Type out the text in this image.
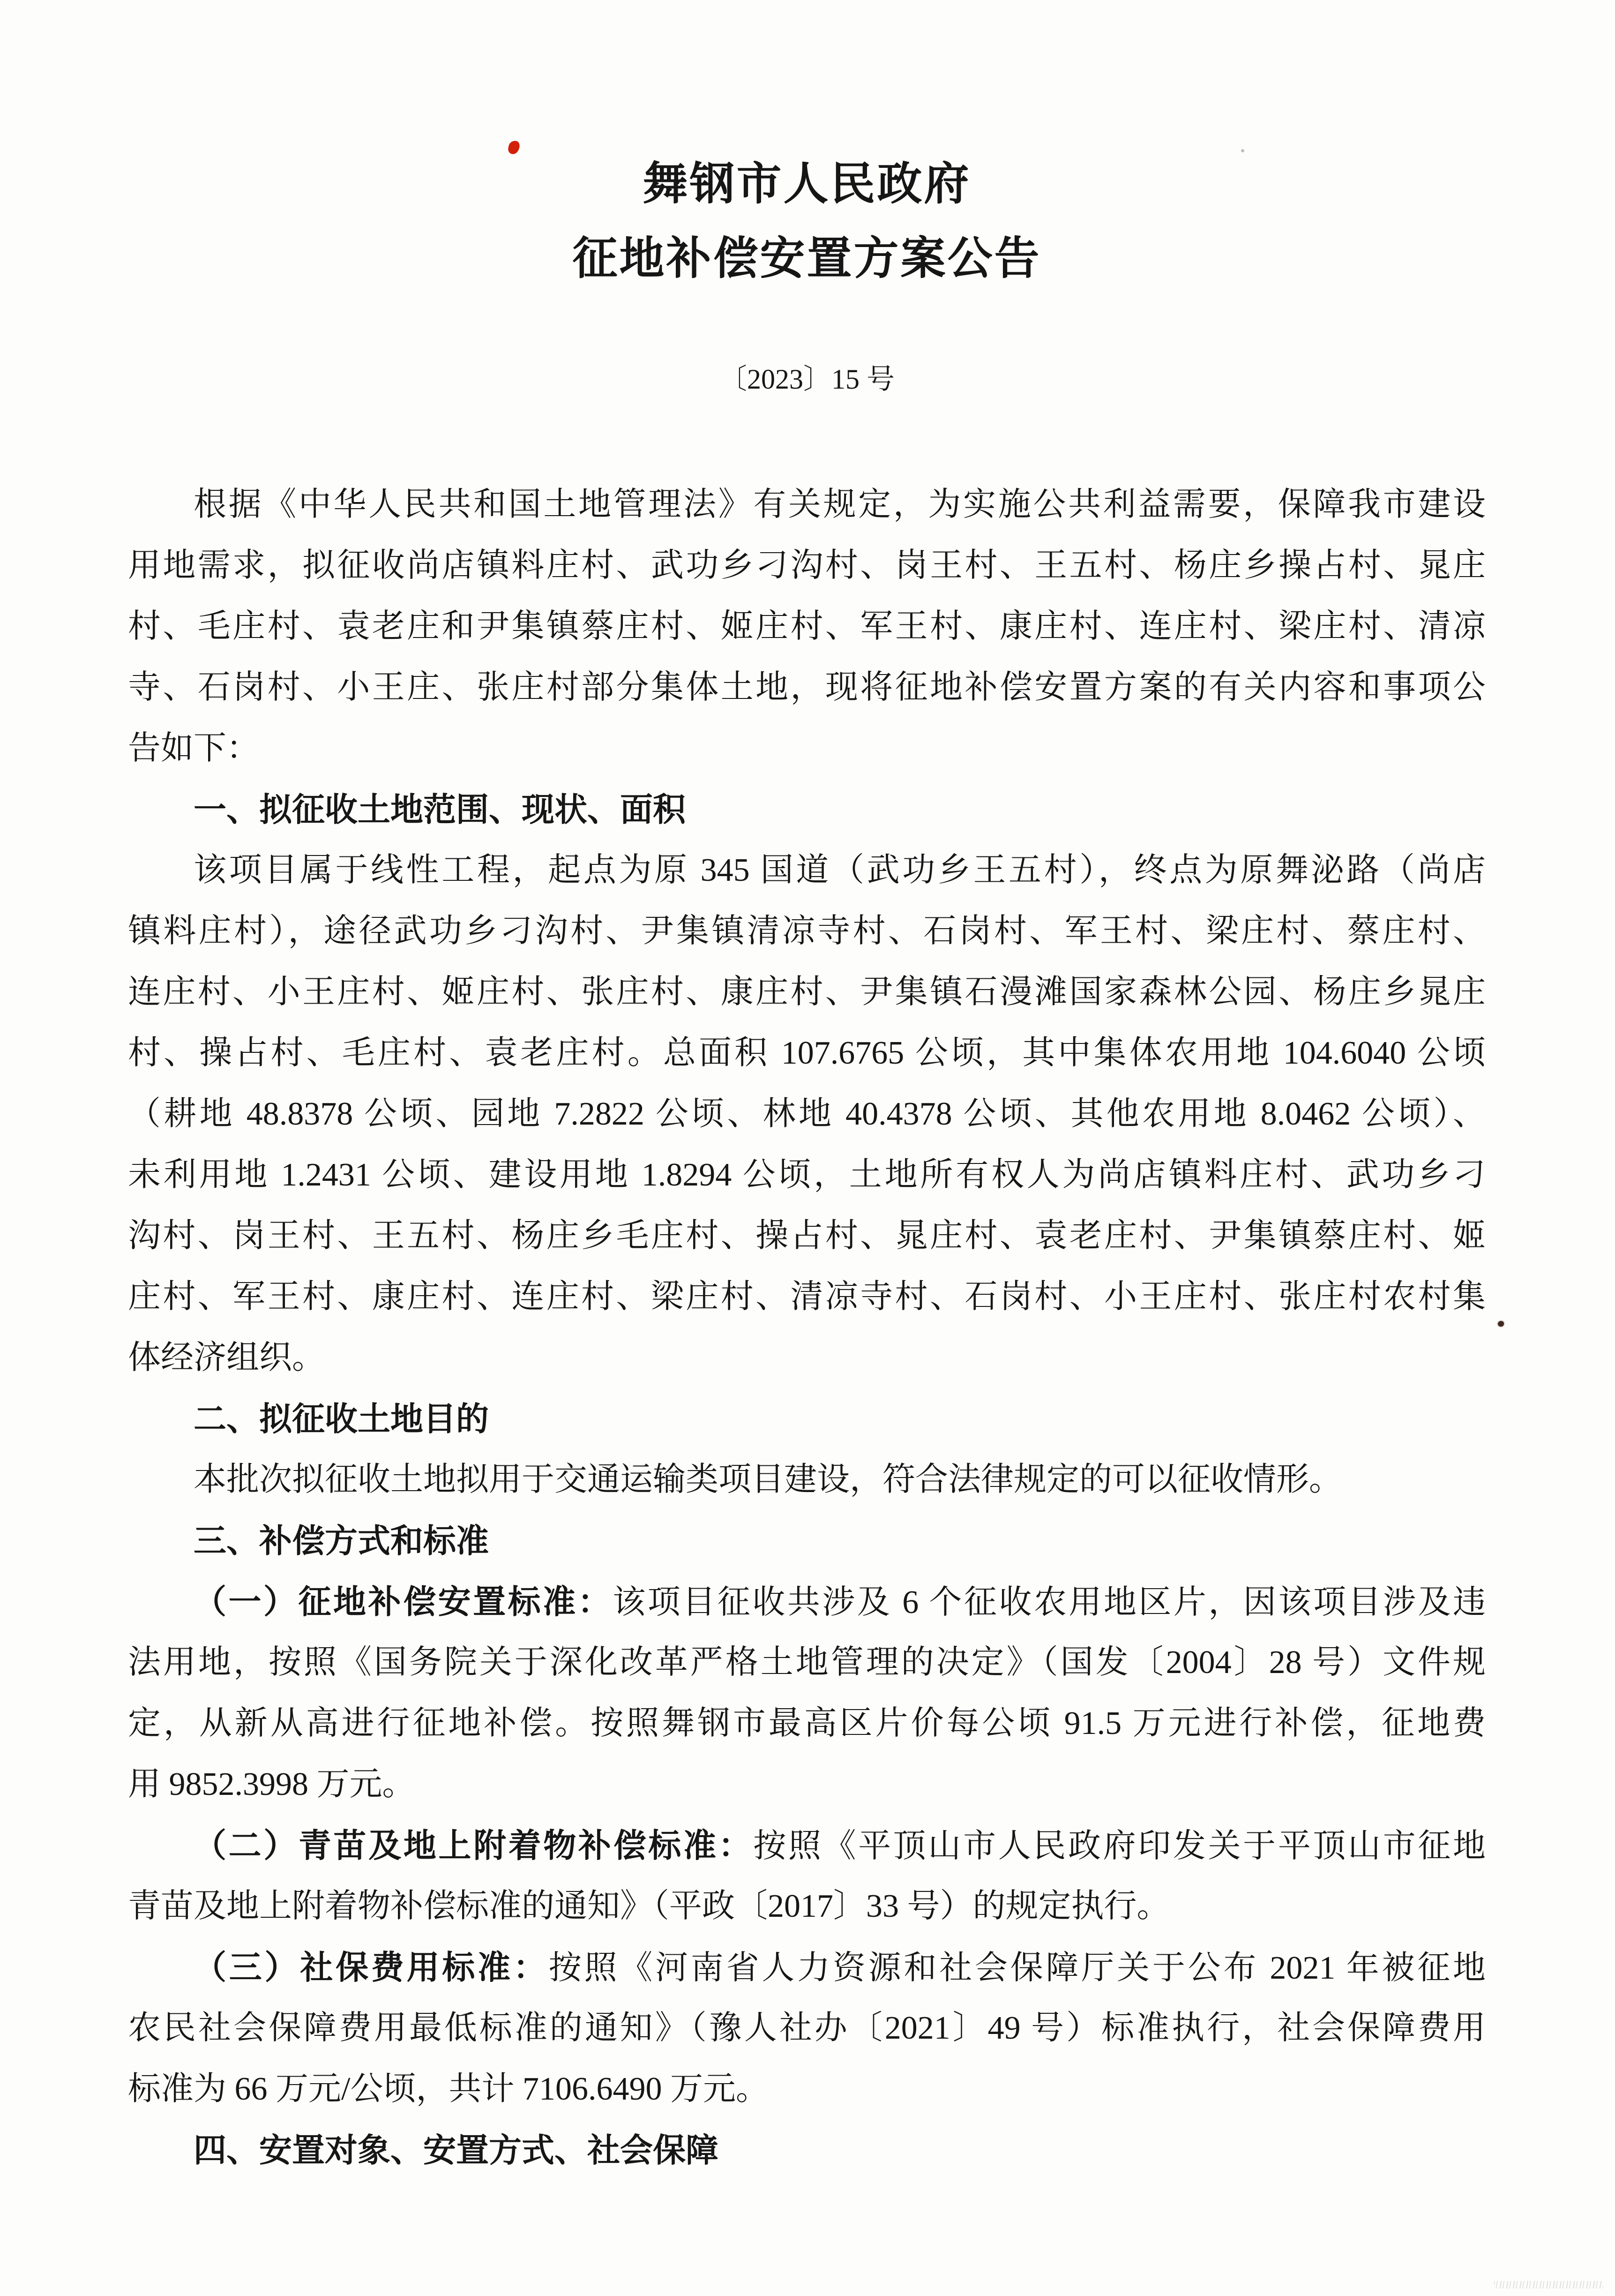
舞钢市人民政府
征地补偿安置方案公告
〔2023〕15 号
根据《中华人民共和国土地管理法》有关规定，为实施公共利益需要，保障我市建设
用地需求，拟征收尚店镇料庄村、武功乡刁沟村、岗王村、王五村、杨庄乡操占村、晁庄
村、毛庄村、袁老庄和尹集镇蔡庄村、姬庄村、军王村、康庄村、连庄村、梁庄村、清凉
寺、石岗村、小王庄、张庄村部分集体土地，现将征地补偿安置方案的有关内容和事项公
告如下：
一、拟征收土地范围、现状、面积
该项目属于线性工程，起点为原 345 国道（武功乡王五村），终点为原舞泌路（尚店
镇料庄村），途径武功乡刁沟村、尹集镇清凉寺村、石岗村、军王村、梁庄村、蔡庄村、
连庄村、小王庄村、姬庄村、张庄村、康庄村、尹集镇石漫滩国家森林公园、杨庄乡晁庄
村、操占村、毛庄村、袁老庄村。总面积 107.6765 公顷，其中集体农用地 104.6040 公顷
（耕地 48.8378 公顷、园地 7.2822 公顷、林地 40.4378 公顷、其他农用地 8.0462 公顷）、
未利用地 1.2431 公顷、建设用地 1.8294 公顷，土地所有权人为尚店镇料庄村、武功乡刁
沟村、岗王村、王五村、杨庄乡毛庄村、操占村、晁庄村、袁老庄村、尹集镇蔡庄村、姬
庄村、军王村、康庄村、连庄村、梁庄村、清凉寺村、石岗村、小王庄村、张庄村农村集
体经济组织。
二、拟征收土地目的
本批次拟征收土地拟用于交通运输类项目建设，符合法律规定的可以征收情形。
三、补偿方式和标准
（一）征地补偿安置标准：该项目征收共涉及 6 个征收农用地区片，因该项目涉及违
法用地，按照《国务院关于深化改革严格土地管理的决定》（国发〔2004〕28 号）文件规
定，从新从高进行征地补偿。按照舞钢市最高区片价每公顷 91.5 万元进行补偿，征地费
用 9852.3998 万元。
（二）青苗及地上附着物补偿标准：按照《平顶山市人民政府印发关于平顶山市征地
青苗及地上附着物补偿标准的通知》（平政〔2017〕33 号）的规定执行。
（三）社保费用标准：按照《河南省人力资源和社会保障厅关于公布 2021 年被征地
农民社会保障费用最低标准的通知》（豫人社办〔2021〕49 号）标准执行，社会保障费用
标准为 66 万元/公顷，共计 7106.6490 万元。
四、安置对象、安置方式、社会保障
